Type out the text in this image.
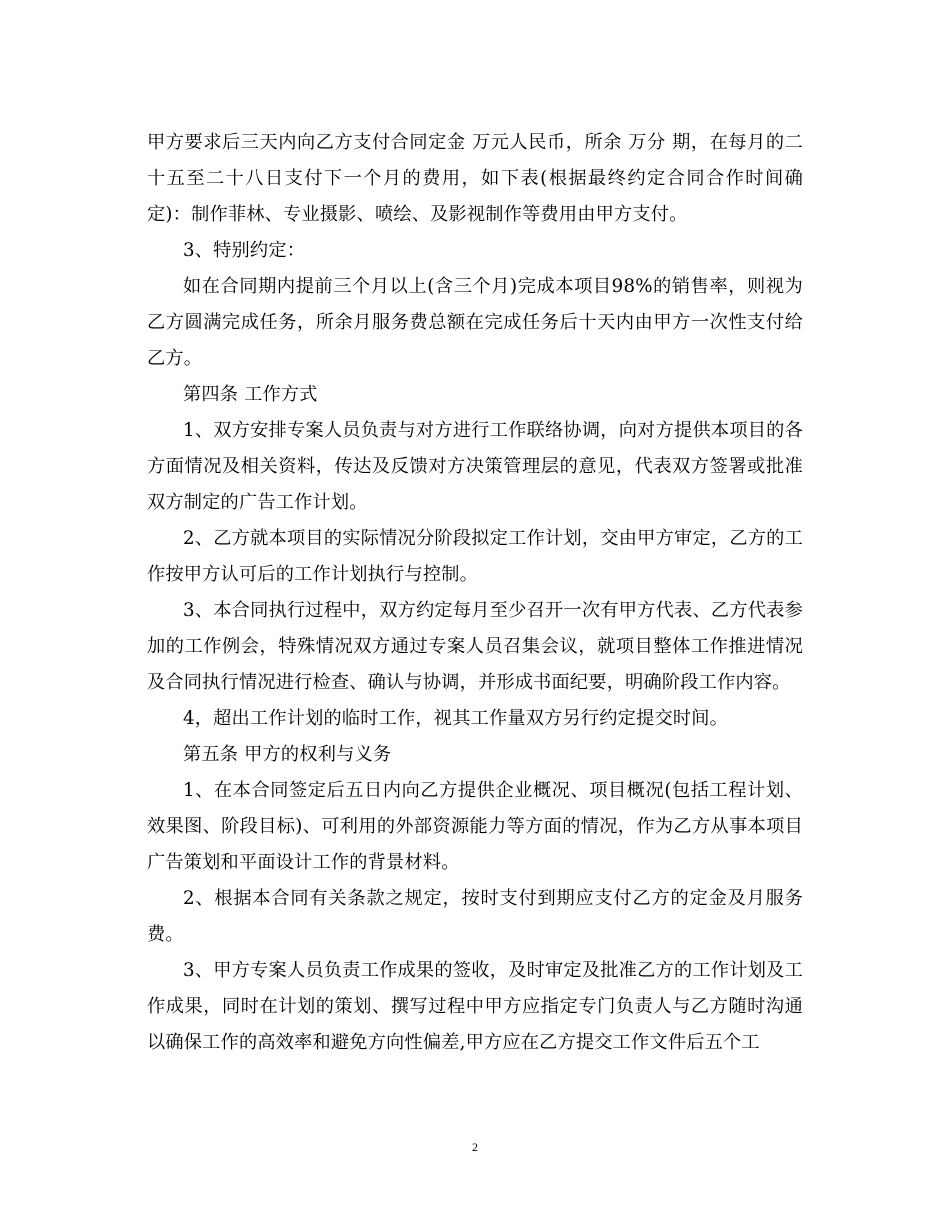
甲方要求后三天内向乙方支付合同定金 万元人民币，所余 万分 期，在每月的二十五至二十八日支付下一个月的费用，如下表(根据最终约定合同合作时间确定)：制作菲林、专业摄影、喷绘、及影视制作等费用由甲方支付。

3、特别约定：

如在合同期内提前三个月以上(含三个月)完成本项目98%的销售率，则视为乙方圆满完成任务，所余月服务费总额在完成任务后十天内由甲方一次性支付给乙方。

第四条 工作方式

1、双方安排专案人员负责与对方进行工作联络协调，向对方提供本项目的各方面情况及相关资料，传达及反馈对方决策管理层的意见，代表双方签署或批准双方制定的广告工作计划。

2、乙方就本项目的实际情况分阶段拟定工作计划，交由甲方审定，乙方的工作按甲方认可后的工作计划执行与控制。

3、本合同执行过程中，双方约定每月至少召开一次有甲方代表、乙方代表参加的工作例会，特殊情况双方通过专案人员召集会议，就项目整体工作推进情况及合同执行情况进行检查、确认与协调，并形成书面纪要，明确阶段工作内容。

4，超出工作计划的临时工作，视其工作量双方另行约定提交时间。

第五条 甲方的权利与义务

1、在本合同签定后五日内向乙方提供企业概况、项目概况(包括工程计划、效果图、阶段目标)、可利用的外部资源能力等方面的情况，作为乙方从事本项目广告策划和平面设计工作的背景材料。

2、根据本合同有关条款之规定，按时支付到期应支付乙方的定金及月服务费。

3、甲方专案人员负责工作成果的签收，及时审定及批准乙方的工作计划及工作成果，同时在计划的策划、撰写过程中甲方应指定专门负责人与乙方随时沟通以确保工作的高效率和避免方向性偏差,甲方应在乙方提交工作文件后五个工

2
